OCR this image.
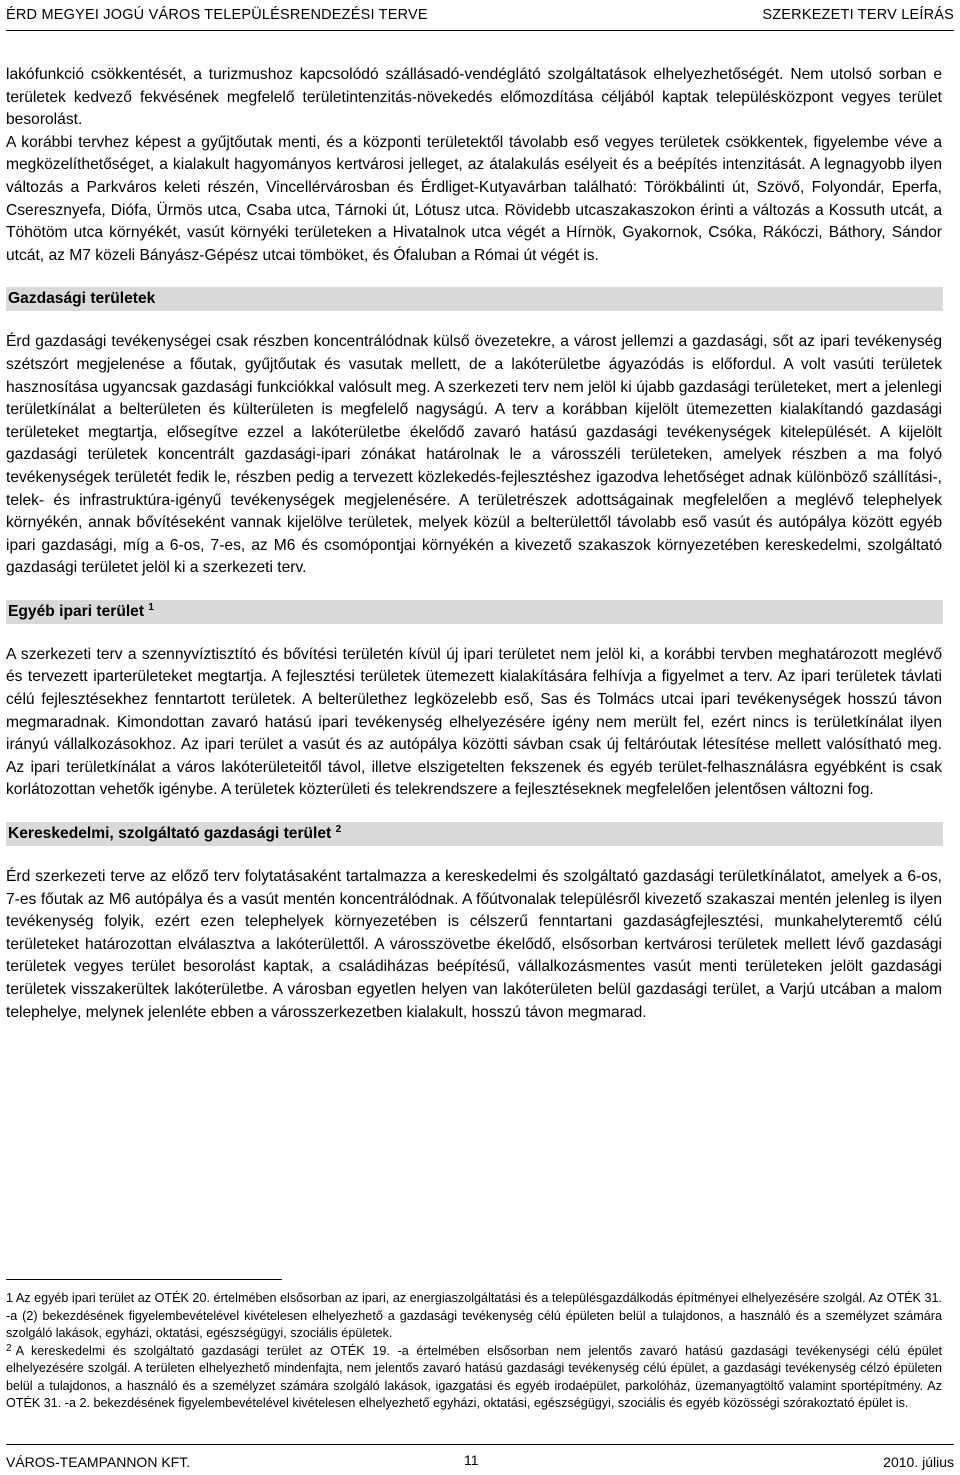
ÉRD MEGYEI JOGÚ VÁROS TELEPÜLÉSRENDEZÉSI TERVE	SZERKEZETI TERV LEÍRÁS

lakófunkció csökkentését, a turizmushoz kapcsolódó szállásadó-vendéglátó szolgáltatások elhelyezhetőségét. Nem utolsó sorban e területek kedvező fekvésének megfelelő területintenzitás-növekedés előmozdítása céljából kaptak településközpont vegyes terület besorolást.

A korábbi tervhez képest a gyűjtőutak menti, és a központi területektől távolabb eső vegyes területek csökkentek, figyelembe véve a megközelíthetőséget, a kialakult hagyományos kertvárosi jelleget, az átalakulás esélyeit és a beépítés intenzitását. A legnagyobb ilyen változás a Parkváros keleti részén, Vincellérvárosban és Érdliget-Kutyavárban található: Törökbálinti út, Szövő, Folyondár, Eperfa, Cseresznyefa, Diófa, Ürmös utca, Csaba utca, Tárnoki út, Lótusz utca. Rövidebb utcaszakaszokon érinti a változás a Kossuth utcát, a Töhötöm utca környékét, vasút környéki területeken a Hivatalnok utca végét a Hírnök, Gyakornok, Csóka, Rákóczi, Báthory, Sándor utcát, az M7 közeli Bányász-Gépész utcai tömböket, és Ófaluban a Római út végét is.

Gazdasági területek

Érd gazdasági tevékenységei csak részben koncentrálódnak külső övezetekre, a várost jellemzi a gazdasági, sőt az ipari tevékenység szétszórt megjelenése a főutak, gyűjtőutak és vasutak mellett, de a lakóterületbe ágyazódás is előfordul. A volt vasúti területek hasznosítása ugyancsak gazdasági funkciókkal valósult meg. A szerkezeti terv nem jelöl ki újabb gazdasági területeket, mert a jelenlegi területkínálat a belterületen és külterületen is megfelelő nagyságú. A terv a korábban kijelölt ütemezetten kialakítandó gazdasági területeket megtartja, elősegítve ezzel a lakóterületbe ékelődő zavaró hatású gazdasági tevékenységek kitelepülését. A kijelölt gazdasági területek koncentrált gazdasági-ipari zónákat határolnak le a városszéli területeken, amelyek részben a ma folyó tevékenységek területét fedik le, részben pedig a tervezett közlekedés-fejlesztéshez igazodva lehetőséget adnak különböző szállítási-, telek- és infrastruktúra-igényű tevékenységek megjelenésére. A területrészek adottságainak megfelelően a meglévő telephelyek környékén, annak bővítéseként vannak kijelölve területek, melyek közül a belterülettől távolabb eső vasút és autópálya között egyéb ipari gazdasági, míg a 6-os, 7-es, az M6 és csomópontjai környékén a kivezető szakaszok környezetében kereskedelmi, szolgáltató gazdasági területet jelöl ki a szerkezeti terv.

Egyéb ipari terület $^1$

A szerkezeti terv a szennyvíztisztító és bővítési területén kívül új ipari területet nem jelöl ki, a korábbi tervben meghatározott meglévő és tervezett iparterületeket megtartja. A fejlesztési területek ütemezett kialakítására felhívja a figyelmet a terv. Az ipari területek távlati célú fejlesztésekhez fenntartott területek. A belterülethez legközelebb eső, Sas és Tolmács utcai ipari tevékenységek hosszú távon megmaradnak. Kimondottan zavaró hatású ipari tevékenység elhelyezésére igény nem merült fel, ezért nincs is területkínálat ilyen irányú vállalkozásokhoz. Az ipari terület a vasút és az autópálya közötti sávban csak új feltáróutak létesítése mellett valósítható meg. Az ipari területkínálat a város lakóterületeitől távol, illetve elszigetelten fekszenek és egyéb terület-felhasználásra egyébként is csak korlátozottan vehetők igénybe. A területek közterületi és telekrendszere a fejlesztéseknek megfelelően jelentősen változni fog.

Kereskedelmi, szolgáltató gazdasági terület $^2$

Érd szerkezeti terve az előző terv folytatásaként tartalmazza a kereskedelmi és szolgáltató gazdasági területkínálatot, amelyek a 6-os, 7-es főutak az M6 autópálya és a vasút mentén koncentrálódnak. A főútvonalak településről kivezető szakaszai mentén jelenleg is ilyen tevékenység folyik, ezért ezen telephelyek környezetében is célszerű fenntartani gazdaságfejlesztési, munkahelyteremtő célú területeket határozottan elválasztva a lakóterülettől. A városszövetbe ékelődő, elsősorban kertvárosi területek mellett lévő gazdasági területek vegyes terület besorolást kaptak, a családiházas beépítésű, vállalkozásmentes vasút menti területeken jelölt gazdasági területek visszakerültek lakóterületbe. A városban egyetlen helyen van lakóterületen belül gazdasági terület, a Varjú utcában a malom telephelye, melynek jelenléte ebben a városszerkezetben kialakult, hosszú távon megmarad.

1 Az egyéb ipari terület az OTÉK 20. értelmében elsősorban az ipari, az energiaszolgáltatási és a településgazdálkodás építményei elhelyezésére szolgál. Az OTÉK 31. -a (2) bekezdésének figyelembevételével kivételesen elhelyezhető a gazdasági tevékenység célú épületen belül a tulajdonos, a használó és a személyzet számára szolgáló lakások, egyházi, oktatási, egészségügyi, szociális épületek.

$^2$ A kereskedelmi és szolgáltató gazdasági terület az OTÉK 19. -a értelmében elsősorban nem jelentős zavaró hatású gazdasági tevékenységi célú épület elhelyezésére szolgál. A területen elhelyezhető mindenfajta, nem jelentős zavaró hatású gazdasági tevékenység célú épület, a gazdasági tevékenység célzó épületen belül a tulajdonos, a használó és a személyzet számára szolgáló lakások, igazgatási és egyéb irodaépület, parkolóház, üzemanyagtöltő valamint sportépítmény. Az OTÉK 31. -a 2. bekezdésének figyelembevételével kivételesen elhelyezhető egyházi, oktatási, egészségügyi, szociális és egyéb közösségi szórakoztató épület is.

VÁROS-TEAMPANNON KFT.	2010. július
11
